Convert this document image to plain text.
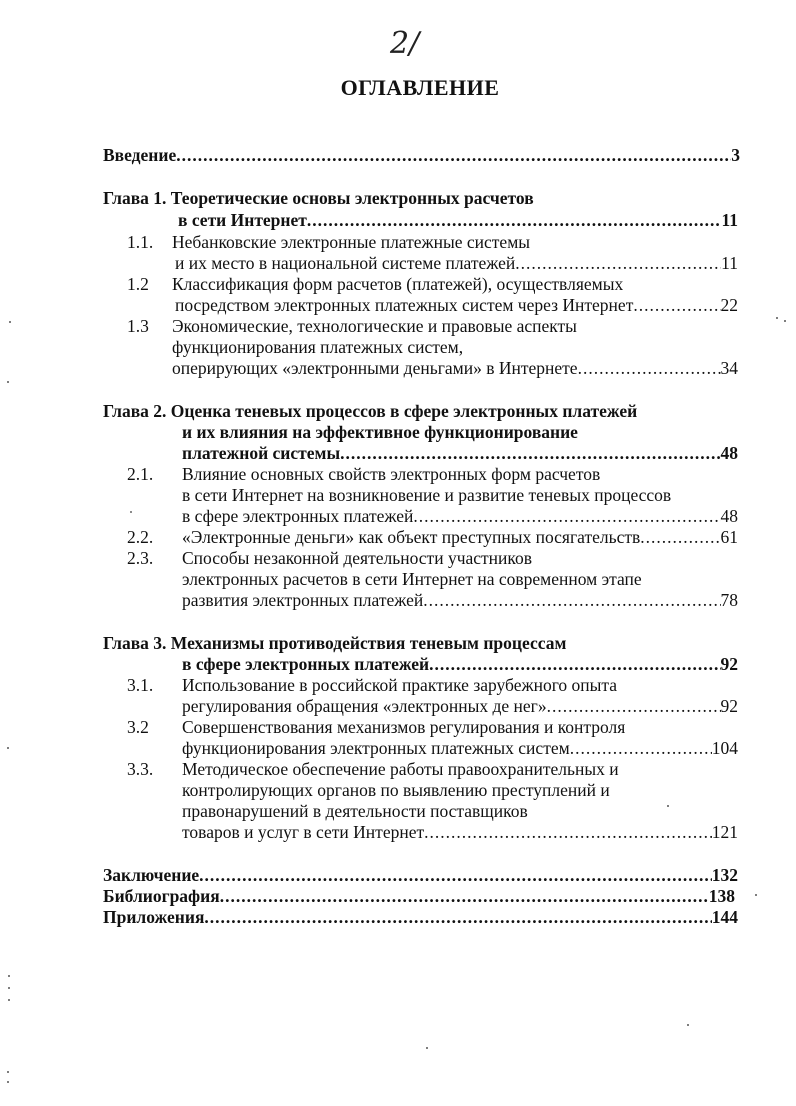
2/
ОГЛАВЛЕНИЕ
Введение .....	3
Глава 1. Теоретические основы электронных расчетов
в сети Интернет .....	11
1.1. Небанковские электронные платежные системы
и их место в национальной системе платежей .....	11
1.2 Классификация форм расчетов (платежей), осуществляемых
посредством электронных платежных систем через Интернет .....	22
1.3 Экономические, технологические и правовые аспекты
функционирования платежных систем,
оперирующих «электронными деньгами» в Интернете .....	34
Глава 2. Оценка теневых процессов в сфере электронных платежей
и их влияния на эффективное функционирование
платежной системы .....	48
2.1. Влияние основных свойств электронных форм расчетов
в сети Интернет на возникновение и развитие теневых процессов
в сфере электронных платежей .....	48
2.2. «Электронные деньги» как объект преступных посягательств .....	61
2.3. Способы незаконной деятельности участников
электронных расчетов в сети Интернет на современном этапе
развития электронных платежей .....	78
Глава 3. Механизмы противодействия теневым процессам
в сфере электронных платежей .....	92
3.1. Использование в российской практике зарубежного опыта
регулирования обращения «электронных де нег» .....	92
3.2 Совершенствования механизмов регулирования и контроля
функционирования электронных платежных систем .....	104
3.3. Методическое обеспечение работы правоохранительных и
контролирующих органов по выявлению преступлений и
правонарушений в деятельности поставщиков
товаров и услуг в сети Интернет .....	121
Заключение .....	132
Библиография .....	138
Приложения .....	144
